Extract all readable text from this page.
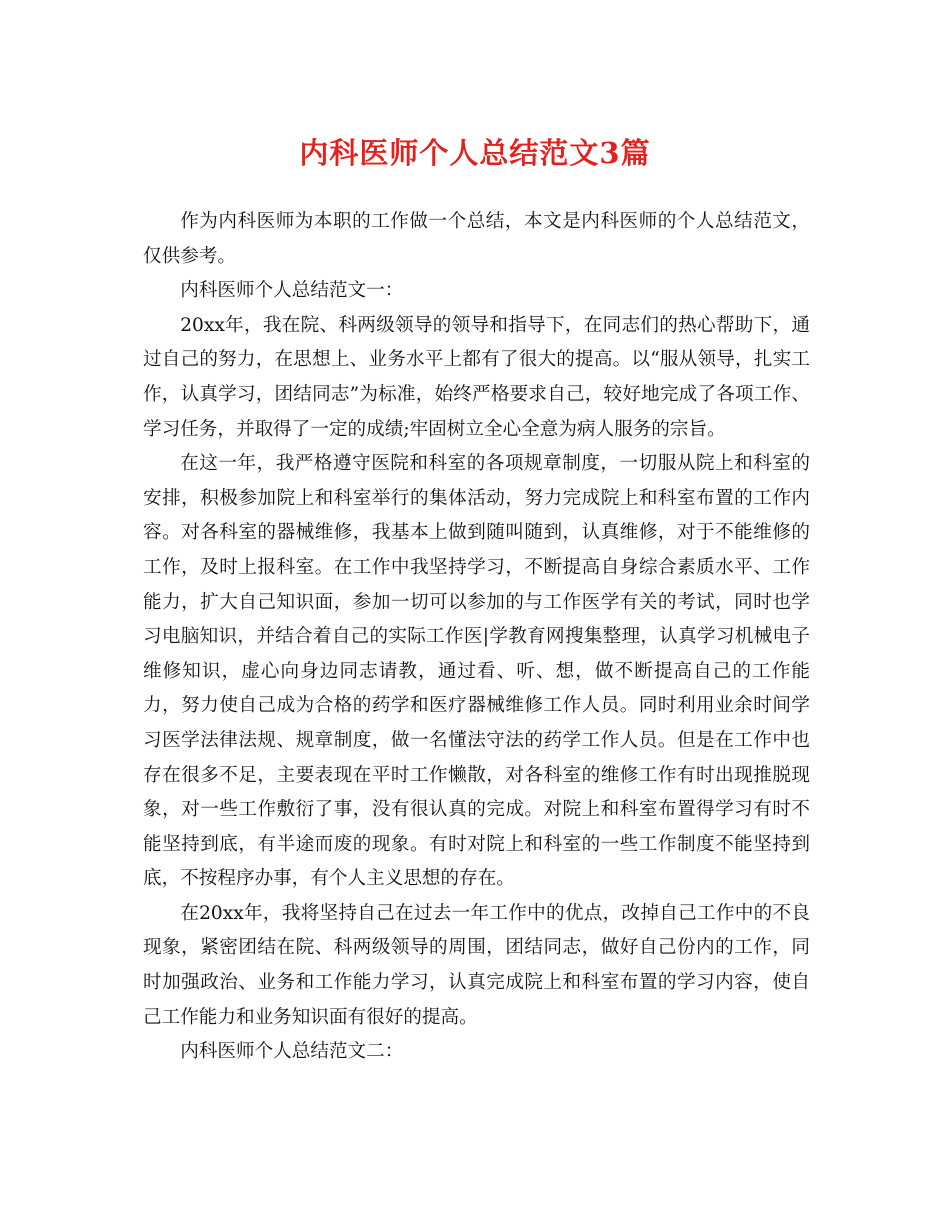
内科医师个人总结范文3篇

作为内科医师为本职的工作做一个总结，本文是内科医师的个人总结范文，仅供参考。

内科医师个人总结范文一：

20xx年，我在院、科两级领导的领导和指导下，在同志们的热心帮助下，通过自己的努力，在思想上、业务水平上都有了很大的提高。以“服从领导，扎实工作，认真学习，团结同志”为标准，始终严格要求自己，较好地完成了各项工作、学习任务，并取得了一定的成绩;牢固树立全心全意为病人服务的宗旨。

在这一年，我严格遵守医院和科室的各项规章制度，一切服从院上和科室的安排，积极参加院上和科室举行的集体活动，努力完成院上和科室布置的工作内容。对各科室的器械维修，我基本上做到随叫随到，认真维修，对于不能维修的工作，及时上报科室。在工作中我坚持学习，不断提高自身综合素质水平、工作能力，扩大自己知识面，参加一切可以参加的与工作医学有关的考试，同时也学习电脑知识，并结合着自己的实际工作医|学教育网搜集整理，认真学习机械电子维修知识，虚心向身边同志请教，通过看、听、想，做不断提高自己的工作能力，努力使自己成为合格的药学和医疗器械维修工作人员。同时利用业余时间学习医学法律法规、规章制度，做一名懂法守法的药学工作人员。但是在工作中也存在很多不足，主要表现在平时工作懒散，对各科室的维修工作有时出现推脱现象，对一些工作敷衍了事，没有很认真的完成。对院上和科室布置得学习有时不能坚持到底，有半途而废的现象。有时对院上和科室的一些工作制度不能坚持到底，不按程序办事，有个人主义思想的存在。

在20xx年，我将坚持自己在过去一年工作中的优点，改掉自己工作中的不良现象，紧密团结在院、科两级领导的周围，团结同志，做好自己份内的工作，同时加强政治、业务和工作能力学习，认真完成院上和科室布置的学习内容，使自己工作能力和业务知识面有很好的提高。

内科医师个人总结范文二：
